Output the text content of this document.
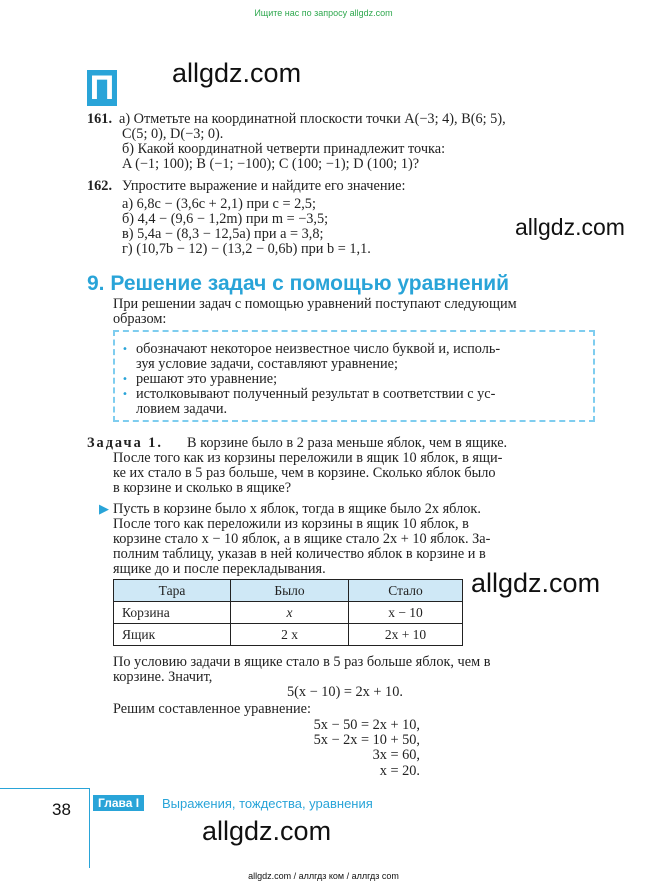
Ищите нас по запросу allgdz.com
П allgdz.com
161. а) Отметьте на координатной плоскости точки A(−3; 4), B(6; 5),
C(5; 0), D(−3; 0).
б) Какой координатной четверти принадлежит точка:
A (−1; 100); B (−1; −100); C (100; −1); D (100; 1)?
162. Упростите выражение и найдите его значение:
а) 6,8c − (3,6c + 2,1) при c = 2,5;
б) 4,4 − (9,6 − 1,2m) при m = −3,5;
в) 5,4a − (8,3 − 12,5a) при a = 3,8;
г) (10,7b − 12) − (13,2 − 0,6b) при b = 1,1.
allgdz.com
9. Решение задач с помощью уравнений
При решении задач с помощью уравнений поступают следующим
образом:
• обозначают некоторое неизвестное число буквой и, исполь-
зуя условие задачи, составляют уравнение;
• решают это уравнение;
• истолковывают полученный результат в соответствии с ус-
ловием задачи.
Задача 1. В корзине было в 2 раза меньше яблок, чем в ящике.
После того как из корзины переложили в ящик 10 яблок, в ящи-
ке их стало в 5 раз больше, чем в корзине. Сколько яблок было
в корзине и сколько в ящике?
▶ Пусть в корзине было x яблок, тогда в ящике было 2x яблок.
После того как переложили из корзины в ящик 10 яблок, в
корзине стало x − 10 яблок, а в ящике стало 2x + 10 яблок. За-
полним таблицу, указав в ней количество яблок в корзине и в
ящике до и после перекладывания.
Тара	Было	Стало
Корзина	x	x − 10
Ящик	2 x	2x + 10
allgdz.com
По условию задачи в ящике стало в 5 раз больше яблок, чем в
корзине. Значит,
5(x − 10) = 2x + 10.
Решим составленное уравнение:
5x − 50 = 2x + 10,
5x − 2x = 10 + 50,
3x = 60,
x = 20.
38	Глава I	Выражения, тождества, уравнения
allgdz.com
allgdz.com / аллгдз ком / аллгдз com
